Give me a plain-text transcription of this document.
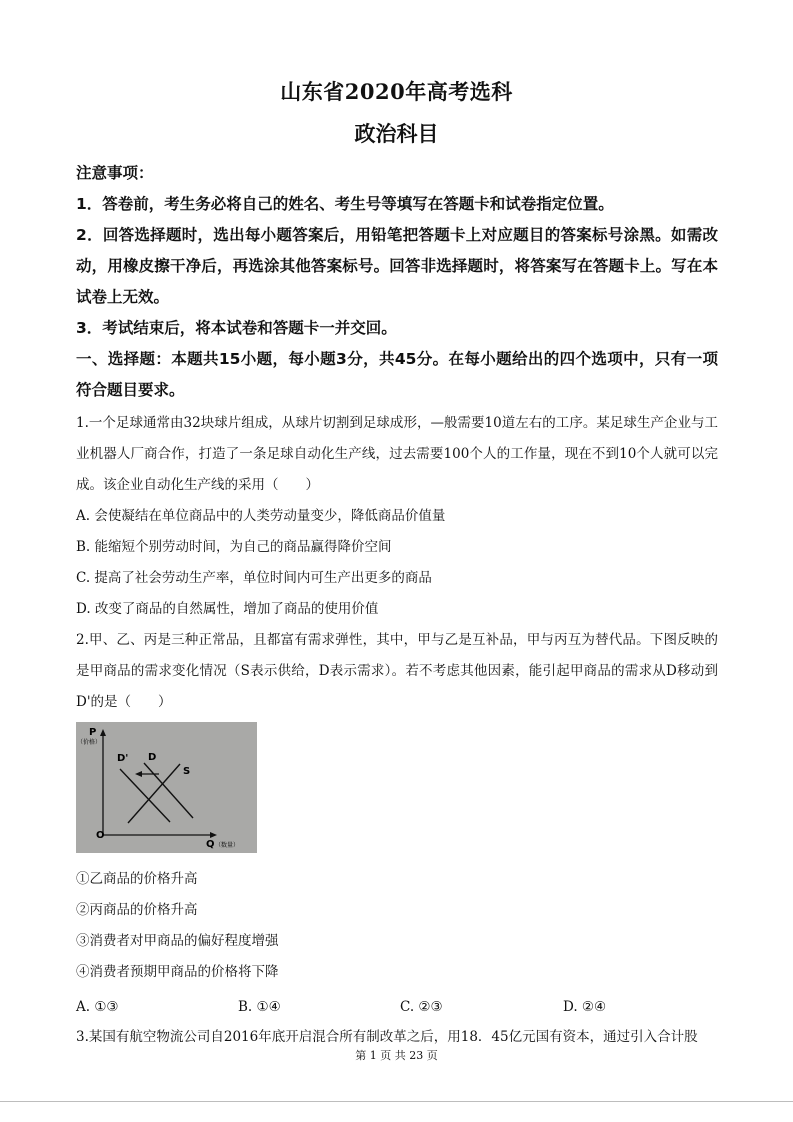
山东省2020年高考选科
政治科目
注意事项：
1．答卷前，考生务必将自己的姓名、考生号等填写在答题卡和试卷指定位置。
2．回答选择题时，选出每小题答案后，用铅笔把答题卡上对应题目的答案标号涂黑。如需改动，用橡皮擦干净后，再选涂其他答案标号。回答非选择题时，将答案写在答题卡上。写在本试卷上无效。
3．考试结束后，将本试卷和答题卡一并交回。
一、选择题：本题共15小题，每小题3分，共45分。在每小题给出的四个选项中，只有一项符合题目要求。
1.一个足球通常由32块球片组成，从球片切割到足球成形，—般需要10道左右的工序。某足球生产企业与工业机器人厂商合作，打造了一条足球自动化生产线，过去需要100个人的工作量，现在不到10个人就可以完成。该企业自动化生产线的采用（　　）
A. 会使凝结在单位商品中的人类劳动量变少，降低商品价值量
B. 能缩短个别劳动时间，为自己的商品赢得降价空间
C. 提高了社会劳动生产率，单位时间内可生产出更多的商品
D. 改变了商品的自然属性，增加了商品的使用价值
2.甲、乙、丙是三种正常品，且都富有需求弹性，其中，甲与乙是互补品，甲与丙互为替代品。下图反映的是甲商品的需求变化情况（S表示供给，D表示需求）。若不考虑其他因素，能引起甲商品的需求从D移动到D'的是（　　）
P
（价格）
Q （数量）
O
D' D
S
①乙商品的价格升高
②丙商品的价格升高
③消费者对甲商品的偏好程度增强
④消费者预期甲商品的价格将下降
A. ①③	B. ①④	C. ②③	D. ②④
3.某国有航空物流公司自2016年底开启混合所有制改革之后，用18．45亿元国有资本，通过引入合计股
第 1 页 共 23 页
